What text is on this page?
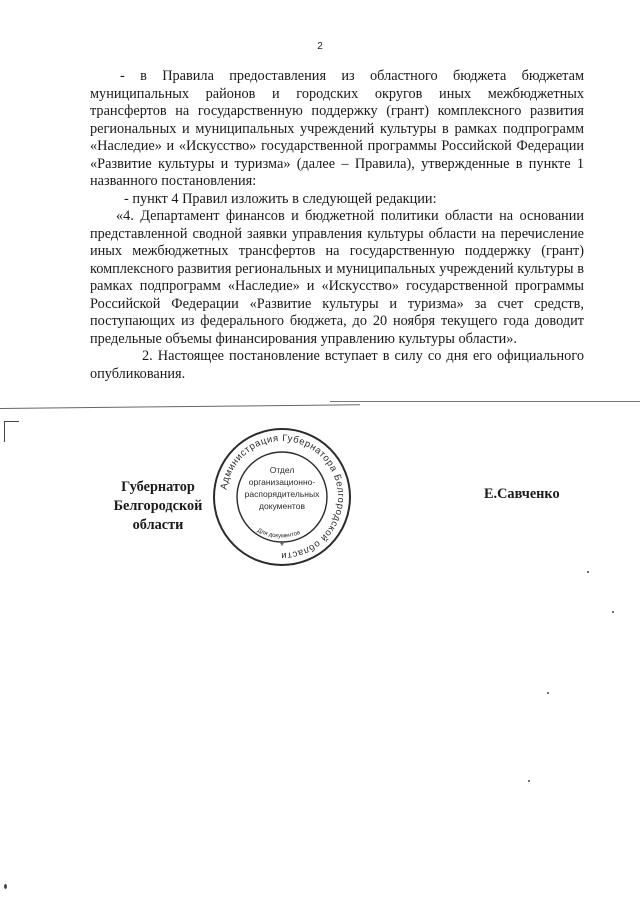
2

- в Правила предоставления из областного бюджета бюджетам муниципальных районов и городских округов иных межбюджетных трансфертов на государственную поддержку (грант) комплексного развития региональных и муниципальных учреждений культуры в рамках подпрограмм «Наследие» и «Искусство» государственной программы Российской Федерации «Развитие культуры и туризма» (далее – Правила), утвержденные в пункте 1 названного постановления:

- пункт 4 Правил изложить в следующей редакции:

«4. Департамент финансов и бюджетной политики области на основании представленной сводной заявки управления культуры области на перечисление иных межбюджетных трансфертов на государственную поддержку (грант) комплексного развития региональных и муниципальных учреждений культуры в рамках подпрограмм «Наследие» и «Искусство» государственной программы Российской Федерации «Развитие культуры и туризма» за счет средств, поступающих из федерального бюджета, до 20 ноября текущего года доводит предельные объемы финансирования управлению культуры области».

2. Настоящее постановление вступает в силу со дня его официального опубликования.

Администрация Губернатора Белгородской области
Отдел
организационно-
распорядительных
документов
Для документов
*
Губернатор
Белгородской области
Е.Савченко
